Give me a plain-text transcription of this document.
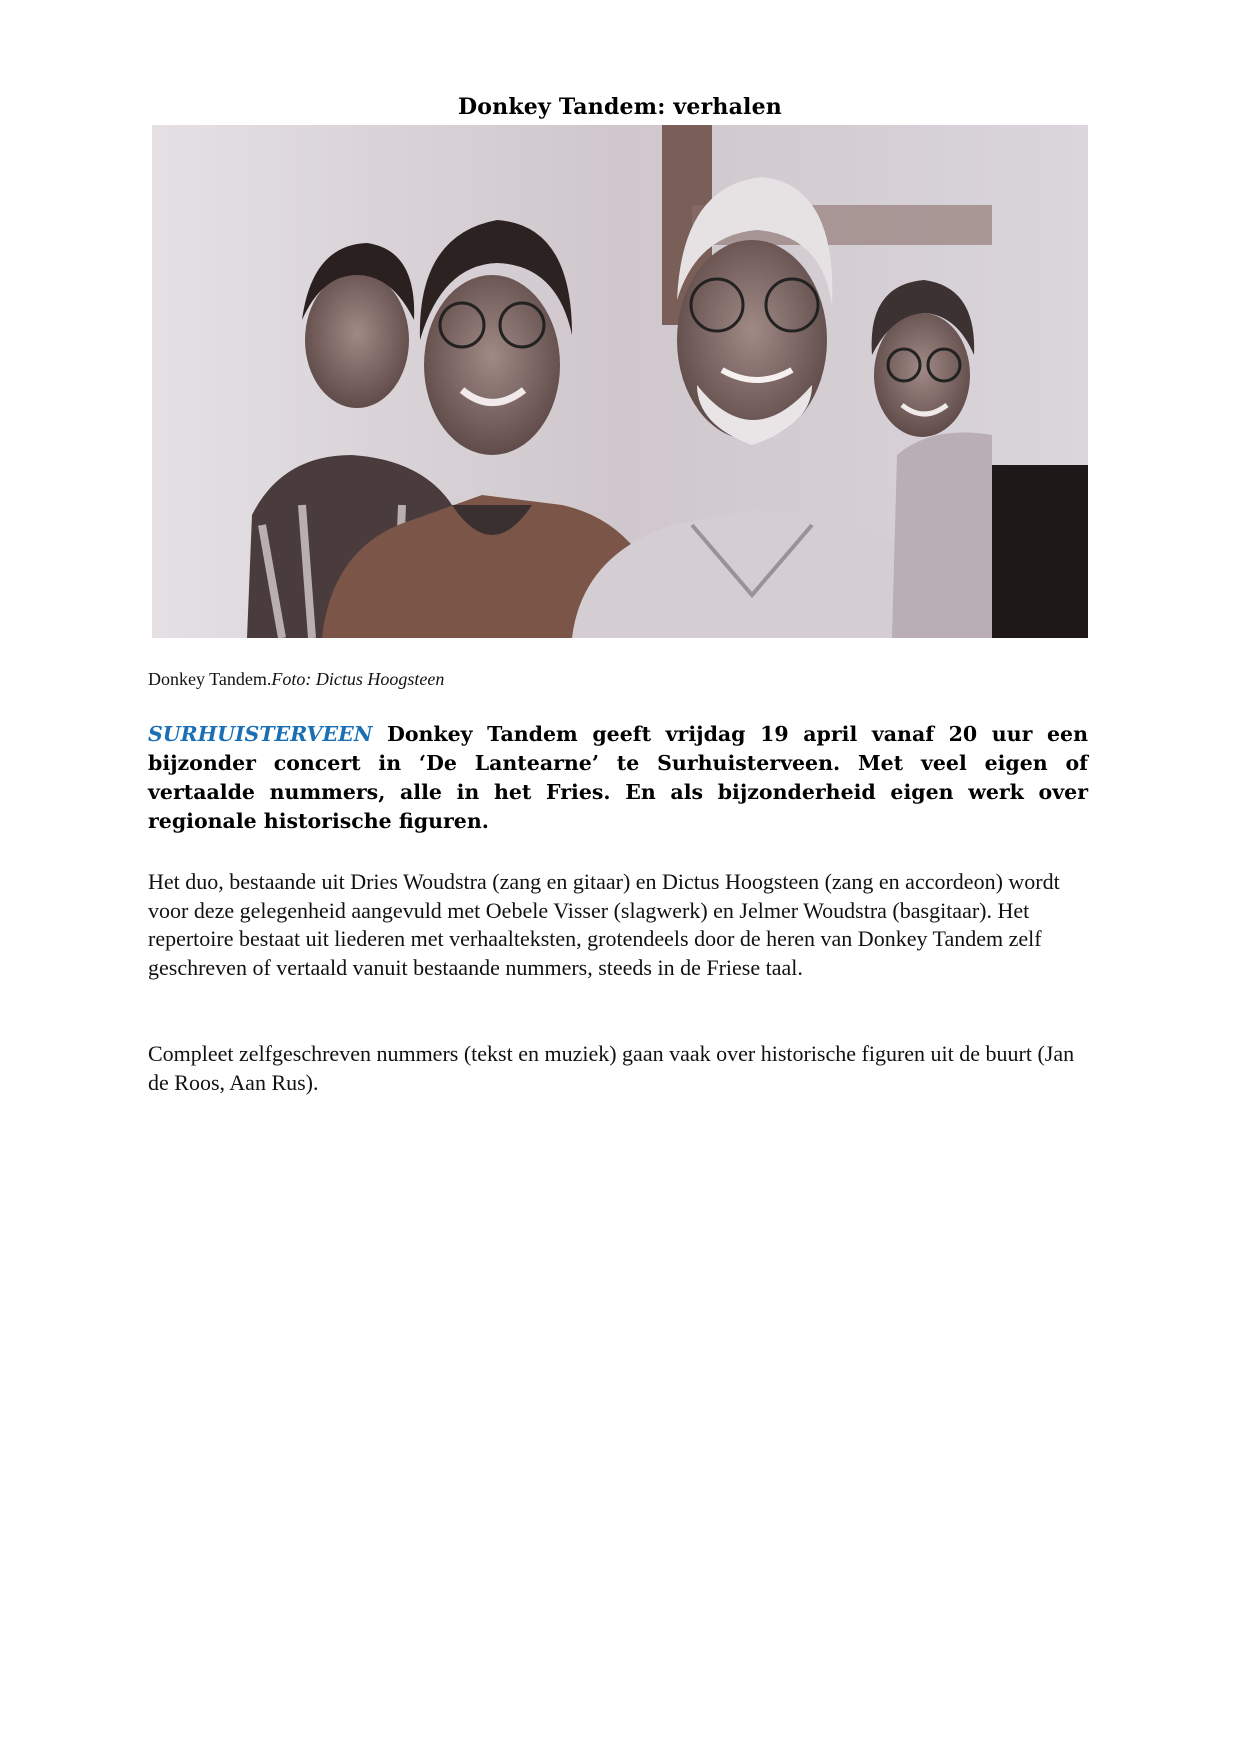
Donkey Tandem: verhalen
Donkey Tandem.Foto: Dictus Hoogsteen
SURHUISTERVEEN Donkey Tandem geeft vrijdag 19 april vanaf 20 uur een bijzonder concert in ‘De Lantearne’ te Surhuisterveen. Met veel eigen of vertaalde nummers, alle in het Fries. En als bijzonderheid eigen werk over regionale historische figuren.
Het duo, bestaande uit Dries Woudstra (zang en gitaar) en Dictus Hoogsteen (zang en accordeon) wordt voor deze gelegenheid aangevuld met Oebele Visser (slagwerk) en Jelmer Woudstra (basgitaar). Het repertoire bestaat uit liederen met verhaalteksten, grotendeels door de heren van Donkey Tandem zelf geschreven of vertaald vanuit bestaande nummers, steeds in de Friese taal.
Compleet zelfgeschreven nummers (tekst en muziek) gaan vaak over historische figuren uit de buurt (Jan de Roos, Aan Rus).
